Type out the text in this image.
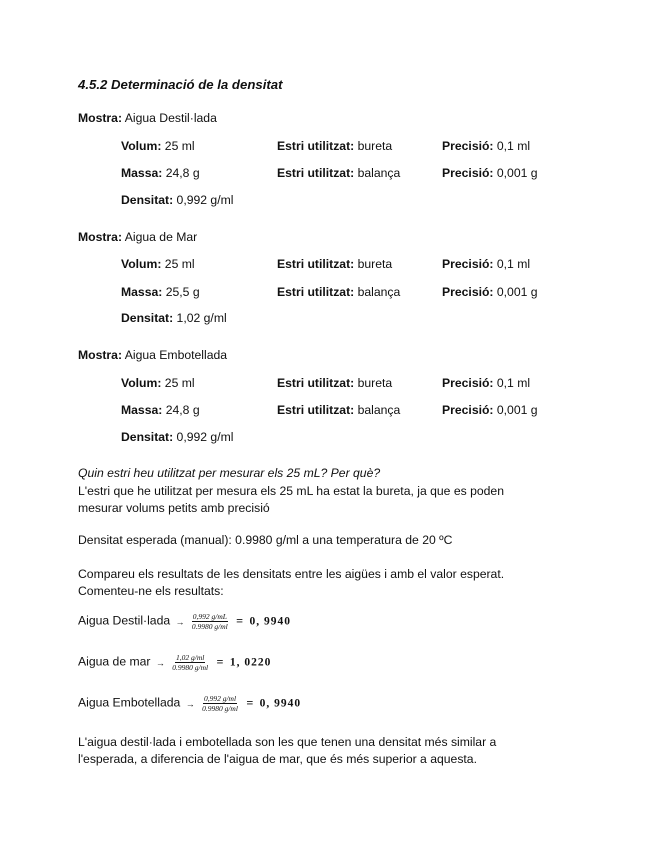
4.5.2 Determinació de la densitat
Mostra: Aigua Destil·lada
Volum: 25 ml	Estri utilitzat: bureta	Precisió: 0,1 ml
Massa: 24,8 g	Estri utilitzat: balança	Precisió: 0,001 g
Densitat: 0,992 g/ml
Mostra: Aigua de Mar
Volum: 25 ml	Estri utilitzat: bureta	Precisió: 0,1 ml
Massa: 25,5 g	Estri utilitzat: balança	Precisió: 0,001 g
Densitat: 1,02 g/ml
Mostra: Aigua Embotellada
Volum: 25 ml	Estri utilitzat: bureta	Precisió: 0,1 ml
Massa: 24,8 g	Estri utilitzat: balança	Precisió: 0,001 g
Densitat: 0,992 g/ml
Quin estri heu utilitzat per mesurar els 25 mL? Per què?
L'estri que he utilitzat per mesura els 25 mL ha estat la bureta, ja que es poden
mesurar volums petits amb precisió
Densitat esperada (manual): 0.9980 g/ml a una temperatura de 20 ºC
Compareu els resultats de les densitats entre les aigües i amb el valor esperat.
Comenteu-ne els resultats:
Aigua Destil·lada → $\frac{0,992 g/mL}{0.9980 g/ml} = 0$, 9940
Aigua de mar → $\frac{1,02 g/ml}{0.9980 g/ml} = 1$, 0220
Aigua Embotellada → $\frac{0,992 g/ml}{0.9980 g/ml} = 0$, 9940
L'aigua destil·lada i embotellada son les que tenen una densitat més similar a
l'esperada, a diferencia de l'aigua de mar, que és més superior a aquesta.
